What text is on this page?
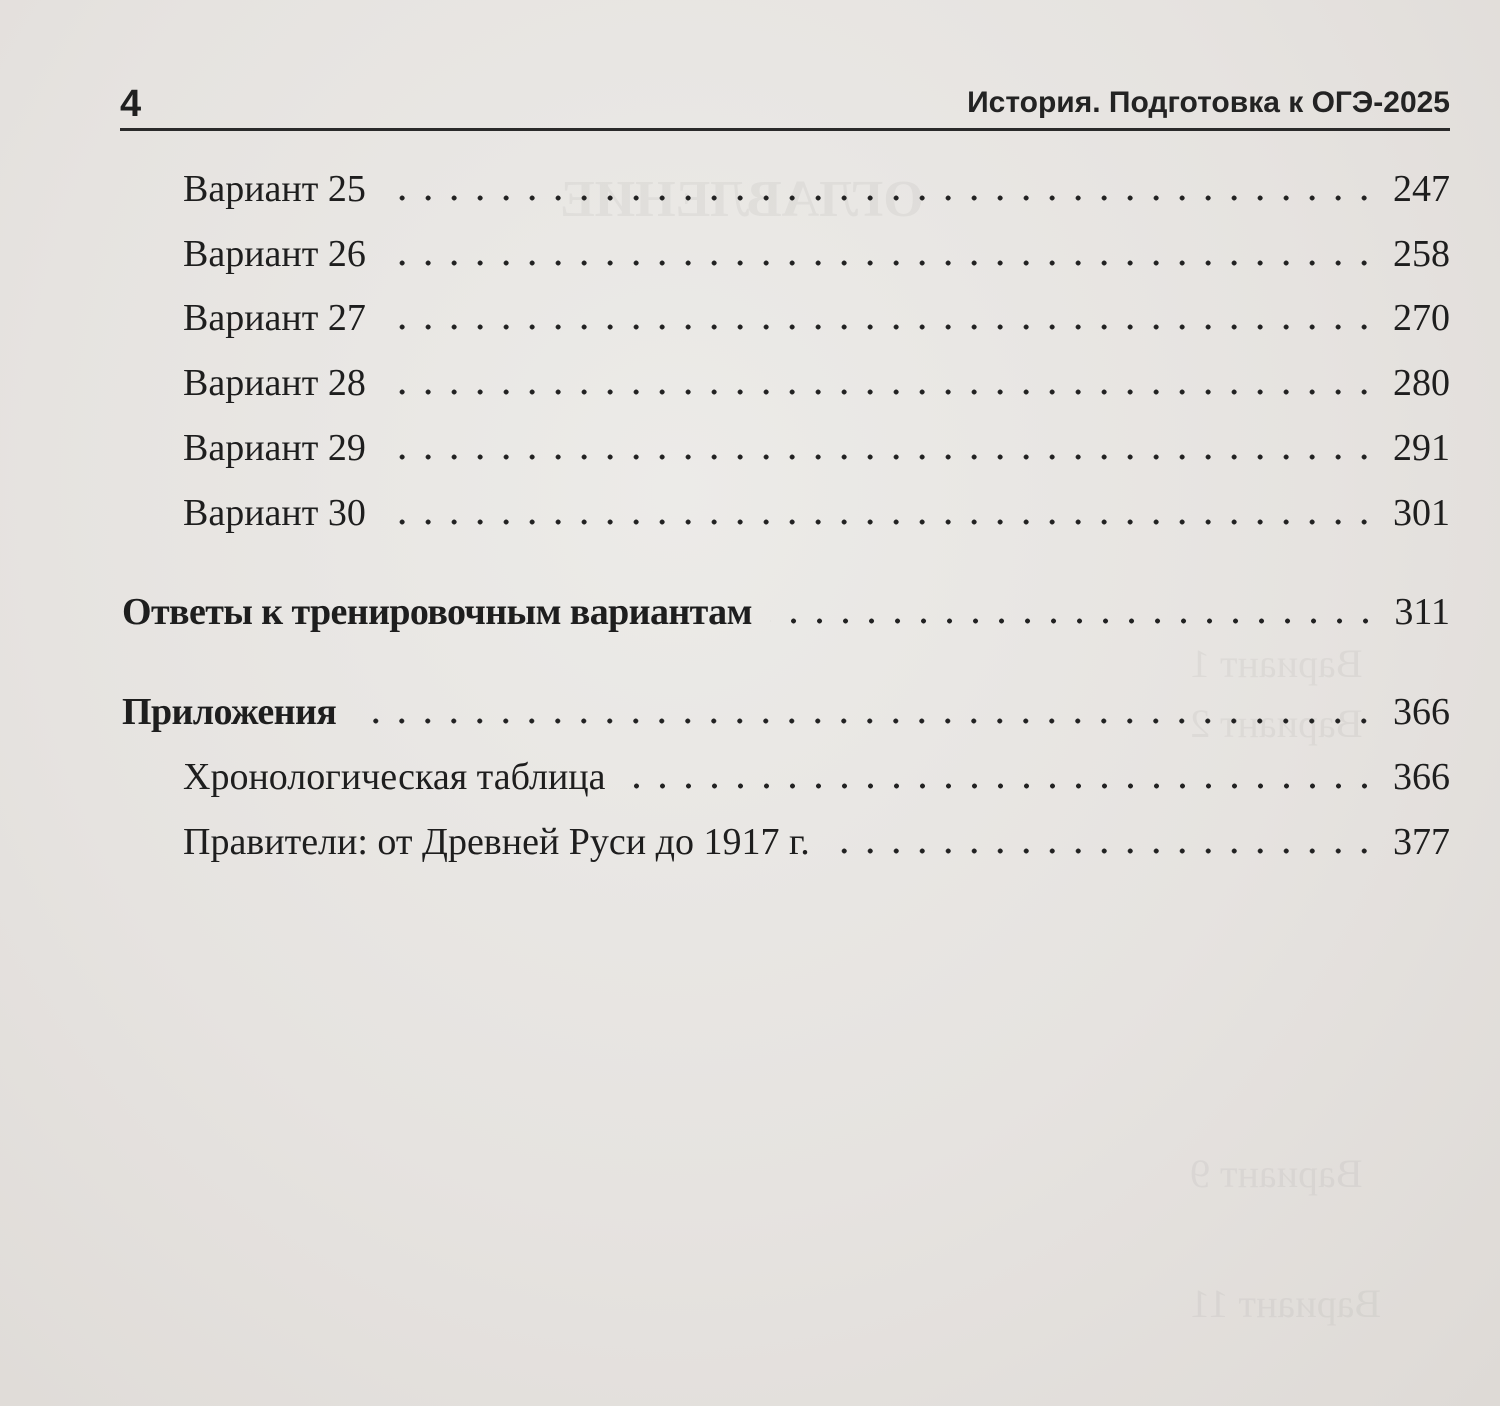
ОГЛАВЛЕНИЕ
Вариант 1
Вариант 9
Вариант 11
4	История. Подготовка к ОГЭ-2025
Вариант 25	247
Вариант 26	258
Вариант 27	270
Вариант 28	280
Вариант 29	291
Вариант 30	301
Ответы к тренировочным вариантам	311
Приложения	366
Хронологическая таблица	366
Правители: от Древней Руси до 1917 г.	377
